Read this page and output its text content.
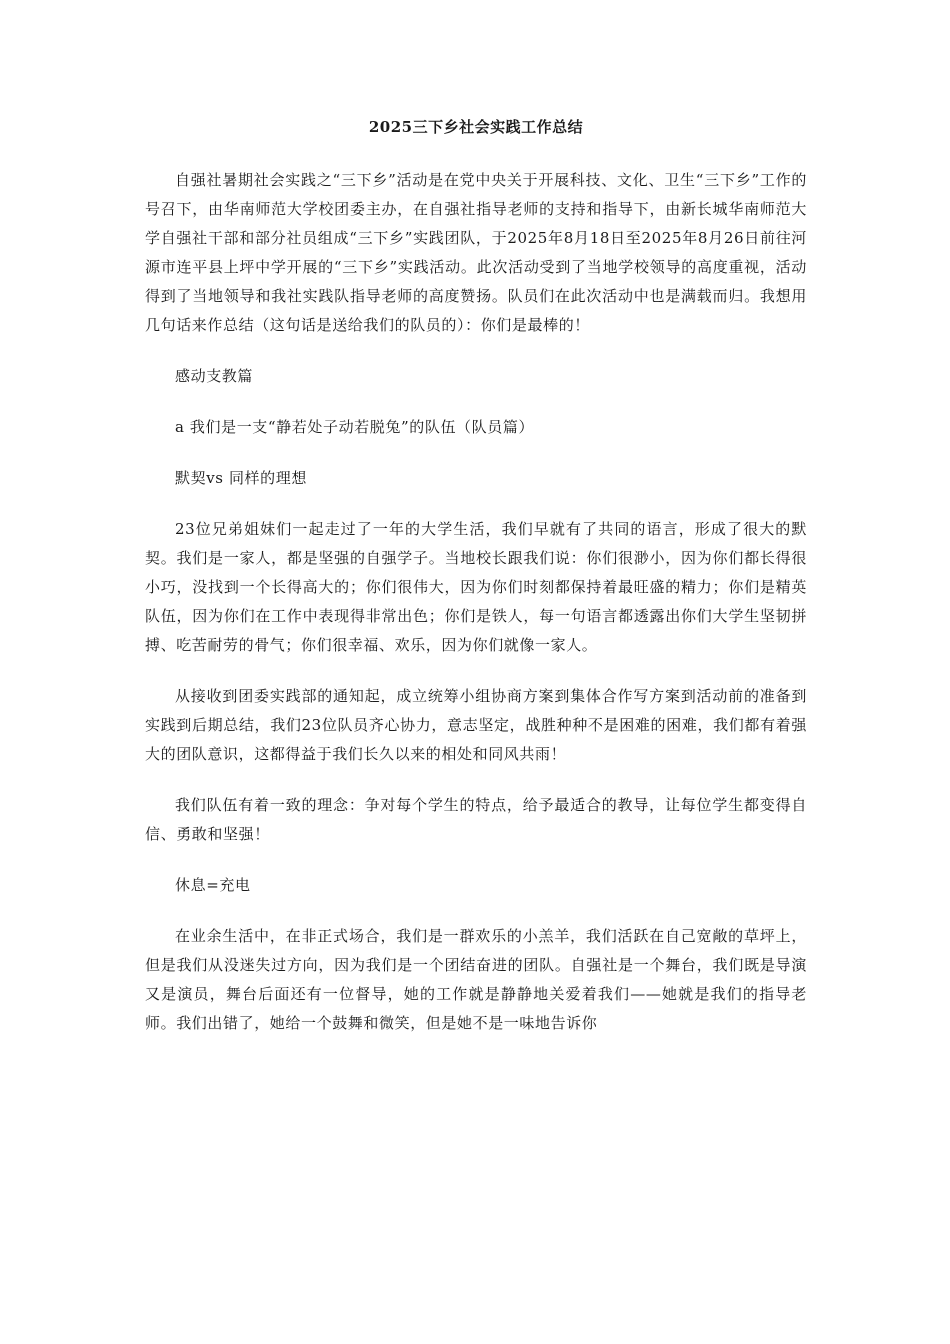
2025三下乡社会实践工作总结

自强社暑期社会实践之“三下乡”活动是在党中央关于开展科技、文化、卫生“三下乡”工作的号召下，由华南师范大学校团委主办，在自强社指导老师的支持和指导下，由新长城华南师范大学自强社干部和部分社员组成“三下乡”实践团队，于2025年8月18日至2025年8月26日前往河源市连平县上坪中学开展的“三下乡”实践活动。此次活动受到了当地学校领导的高度重视，活动得到了当地领导和我社实践队指导老师的高度赞扬。队员们在此次活动中也是满载而归。我想用几句话来作总结（这句话是送给我们的队员的）：你们是最棒的！

感动支教篇

a 我们是一支“静若处子动若脱兔”的队伍（队员篇）

默契vs 同样的理想

23位兄弟姐妹们一起走过了一年的大学生活，我们早就有了共同的语言，形成了很大的默契。我们是一家人，都是坚强的自强学子。当地校长跟我们说：你们很渺小，因为你们都长得很小巧，没找到一个长得高大的；你们很伟大，因为你们时刻都保持着最旺盛的精力；你们是精英队伍，因为你们在工作中表现得非常出色；你们是铁人，每一句语言都透露出你们大学生坚韧拼搏、吃苦耐劳的骨气；你们很幸福、欢乐，因为你们就像一家人。

从接收到团委实践部的通知起，成立统筹小组协商方案到集体合作写方案到活动前的准备到实践到后期总结，我们23位队员齐心协力，意志坚定，战胜种种不是困难的困难，我们都有着强大的团队意识，这都得益于我们长久以来的相处和同风共雨！

我们队伍有着一致的理念：争对每个学生的特点，给予最适合的教导，让每位学生都变得自信、勇敢和坚强！

休息=充电

在业余生活中，在非正式场合，我们是一群欢乐的小羔羊，我们活跃在自己宽敞的草坪上，但是我们从没迷失过方向，因为我们是一个团结奋进的团队。自强社是一个舞台，我们既是导演又是演员，舞台后面还有一位督导，她的工作就是静静地关爱着我们——她就是我们的指导老师。我们出错了，她给一个鼓舞和微笑，但是她不是一味地告诉你
